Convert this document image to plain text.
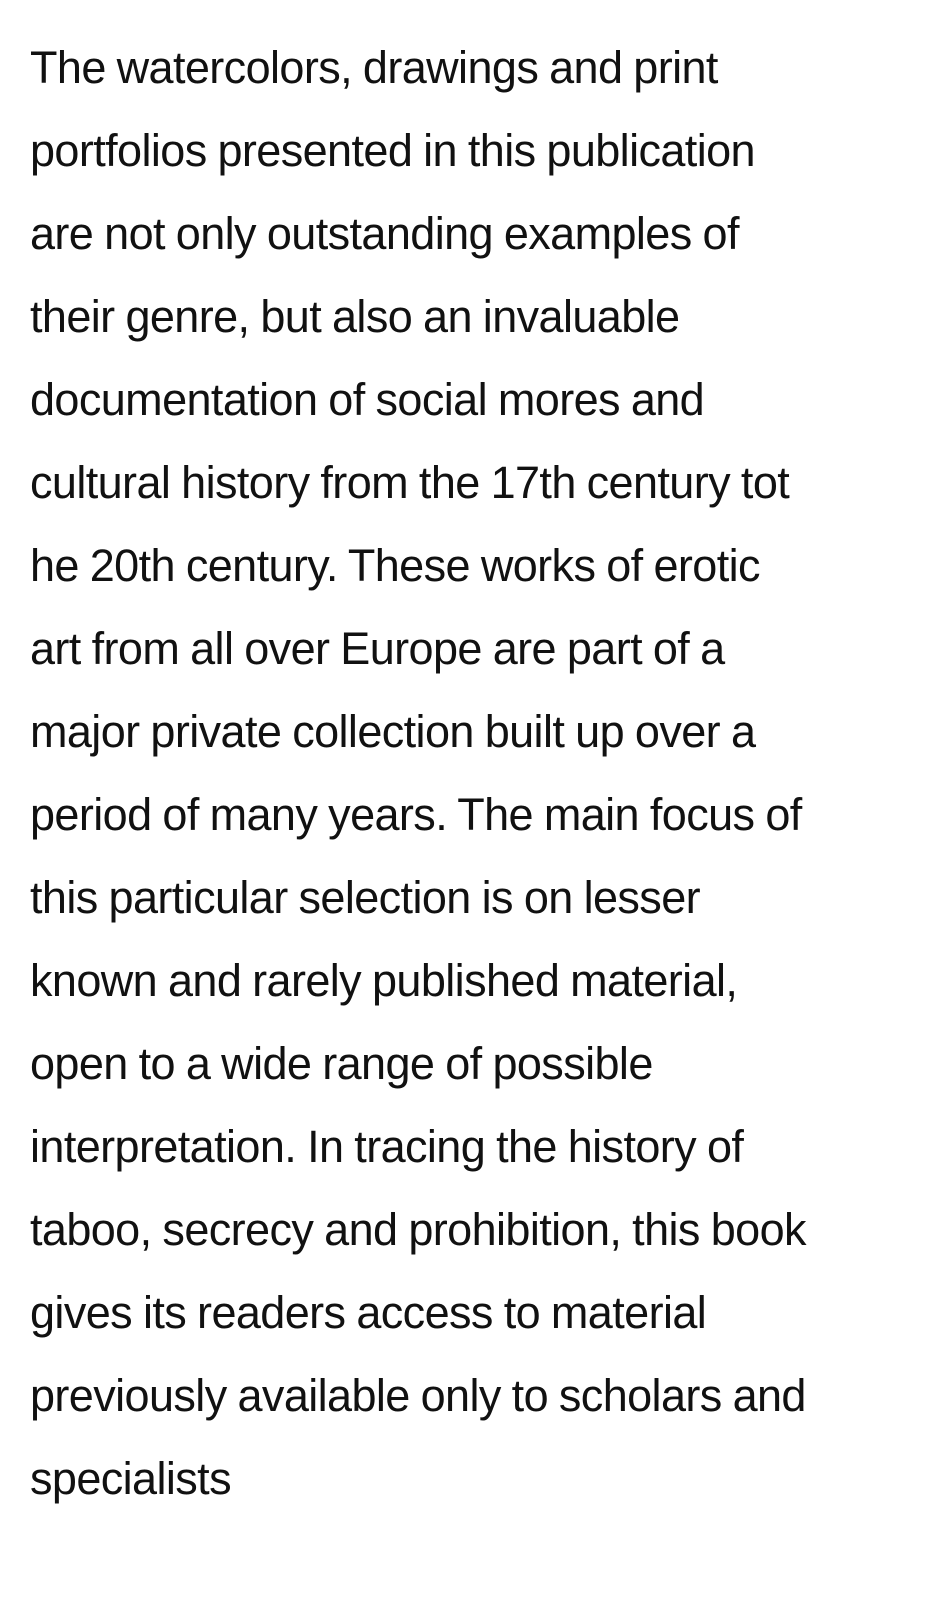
The watercolors, drawings and print
portfolios presented in this publication
are not only outstanding examples of
their genre, but also an invaluable
documentation of social mores and
cultural history from the 17th century tot
he 20th century. These works of erotic
art from all over Europe are part of a
major private collection built up over a
period of many years. The main focus of
this particular selection is on lesser
known and rarely published material,
open to a wide range of possible
interpretation. In tracing the history of
taboo, secrecy and prohibition, this book
gives its readers access to material
previously available only to scholars and
specialists
